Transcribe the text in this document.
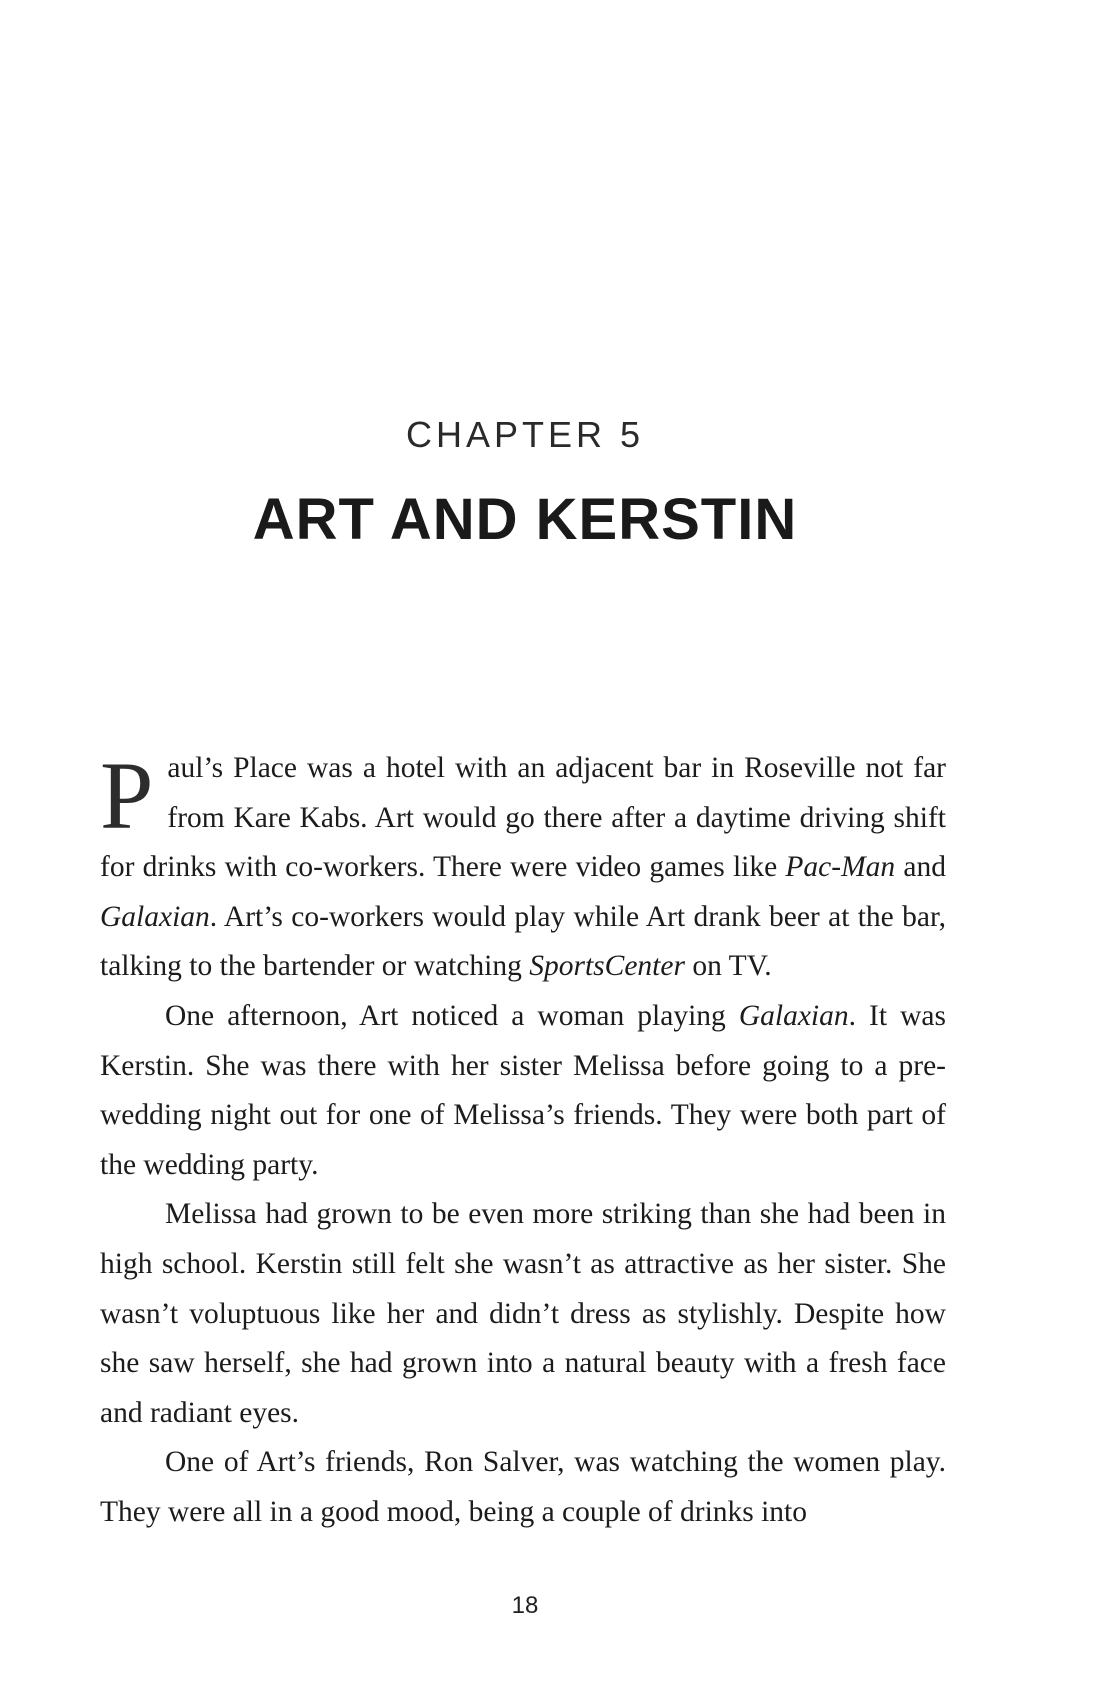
CHAPTER 5
ART AND KERSTIN

Paul’s Place was a hotel with an adjacent bar in Roseville not far from Kare Kabs. Art would go there after a daytime driving shift for drinks with co-workers. There were video games like Pac-Man and Galaxian. Art’s co-workers would play while Art drank beer at the bar, talking to the bartender or watching SportsCenter on TV.

One afternoon, Art noticed a woman playing Galaxian. It was Kerstin. She was there with her sister Melissa before going to a pre-wedding night out for one of Melissa’s friends. They were both part of the wedding party.

Melissa had grown to be even more striking than she had been in high school. Kerstin still felt she wasn’t as attractive as her sister. She wasn’t voluptuous like her and didn’t dress as stylishly. Despite how she saw herself, she had grown into a natural beauty with a fresh face and radiant eyes.

One of Art’s friends, Ron Salver, was watching the women play. They were all in a good mood, being a couple of drinks into

18
